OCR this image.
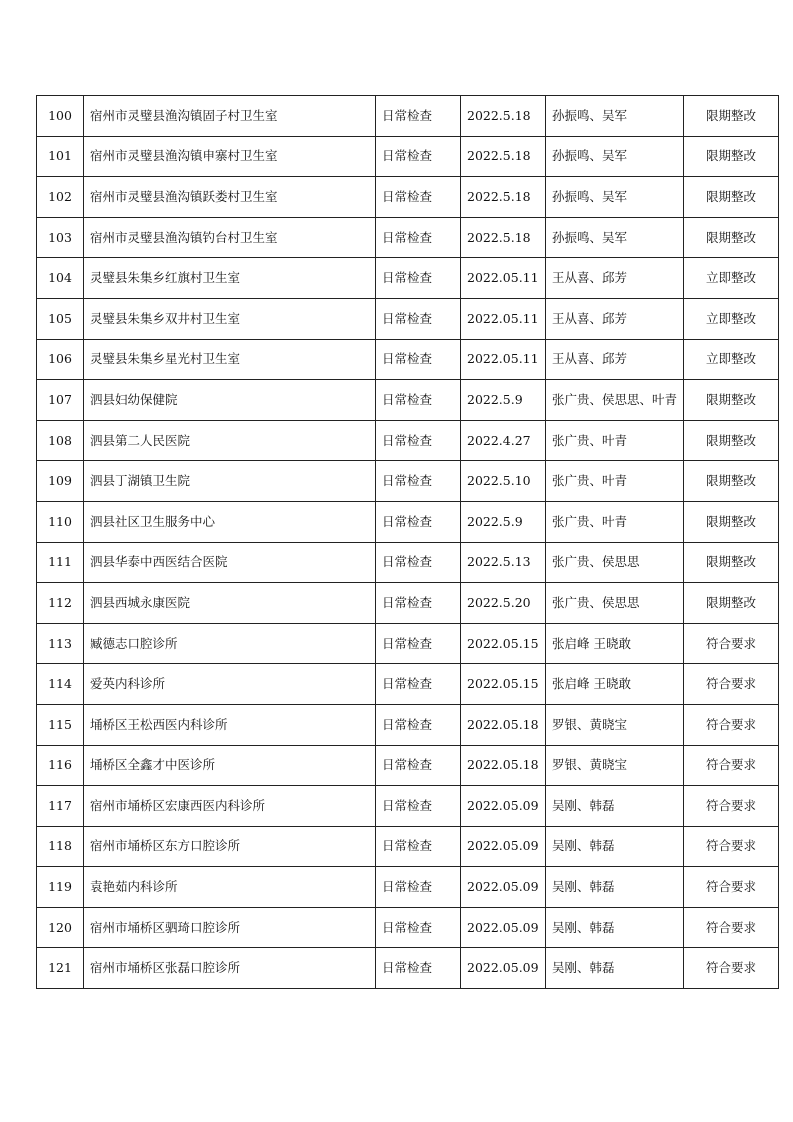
100	宿州市灵璧县渔沟镇固子村卫生室	日常检查	2022.5.18	孙振鸣、吴军	限期整改
101	宿州市灵璧县渔沟镇申寨村卫生室	日常检查	2022.5.18	孙振鸣、吴军	限期整改
102	宿州市灵璧县渔沟镇跃娄村卫生室	日常检查	2022.5.18	孙振鸣、吴军	限期整改
103	宿州市灵璧县渔沟镇钓台村卫生室	日常检查	2022.5.18	孙振鸣、吴军	限期整改
104	灵璧县朱集乡红旗村卫生室	日常检查	2022.05.11	王从喜、邱芳	立即整改
105	灵璧县朱集乡双井村卫生室	日常检查	2022.05.11	王从喜、邱芳	立即整改
106	灵璧县朱集乡星光村卫生室	日常检查	2022.05.11	王从喜、邱芳	立即整改
107	泗县妇幼保健院	日常检查	2022.5.9	张广贵、侯思思、叶青	限期整改
108	泗县第二人民医院	日常检查	2022.4.27	张广贵、叶青	限期整改
109	泗县丁湖镇卫生院	日常检查	2022.5.10	张广贵、叶青	限期整改
110	泗县社区卫生服务中心	日常检查	2022.5.9	张广贵、叶青	限期整改
111	泗县华泰中西医结合医院	日常检查	2022.5.13	张广贵、侯思思	限期整改
112	泗县西城永康医院	日常检查	2022.5.20	张广贵、侯思思	限期整改
113	臧德志口腔诊所	日常检查	2022.05.15	张启峰 王晓敢	符合要求
114	爱英内科诊所	日常检查	2022.05.15	张启峰 王晓敢	符合要求
115	埇桥区王松西医内科诊所	日常检查	2022.05.18	罗银、黄晓宝	符合要求
116	埇桥区全鑫才中医诊所	日常检查	2022.05.18	罗银、黄晓宝	符合要求
117	宿州市埇桥区宏康西医内科诊所	日常检查	2022.05.09	吴刚、韩磊	符合要求
118	宿州市埇桥区东方口腔诊所	日常检查	2022.05.09	吴刚、韩磊	符合要求
119	袁艳茹内科诊所	日常检查	2022.05.09	吴刚、韩磊	符合要求
120	宿州市埇桥区驷琦口腔诊所	日常检查	2022.05.09	吴刚、韩磊	符合要求
121	宿州市埇桥区张磊口腔诊所	日常检查	2022.05.09	吴刚、韩磊	符合要求
